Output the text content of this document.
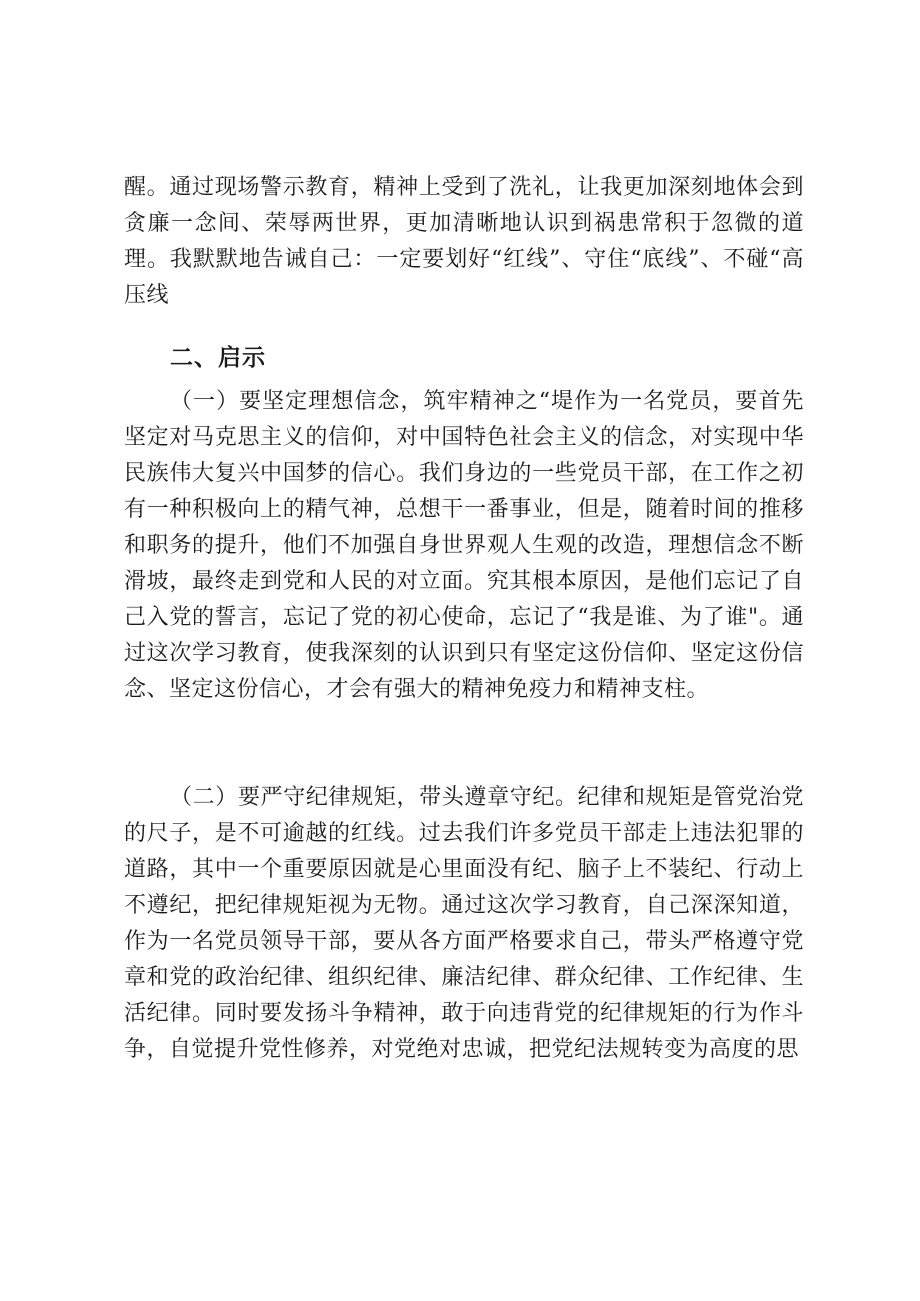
醒。通过现场警示教育，精神上受到了洗礼，让我更加深刻地体会到贪廉一念间、荣辱两世界，更加清晰地认识到祸患常积于忽微的道理。我默默地告诫自己：一定要划好“红线”、守住“底线”、不碰“高压线
二、启示
（一）要坚定理想信念，筑牢精神之“堤作为一名党员，要首先坚定对马克思主义的信仰，对中国特色社会主义的信念，对实现中华民族伟大复兴中国梦的信心。我们身边的一些党员干部，在工作之初有一种积极向上的精气神，总想干一番事业，但是，随着时间的推移和职务的提升，他们不加强自身世界观人生观的改造，理想信念不断滑坡，最终走到党和人民的对立面。究其根本原因，是他们忘记了自己入党的誓言，忘记了党的初心使命，忘记了“我是谁、为了谁"。通过这次学习教育，使我深刻的认识到只有坚定这份信仰、坚定这份信念、坚定这份信心，才会有强大的精神免疫力和精神支柱。
（二）要严守纪律规矩，带头遵章守纪。纪律和规矩是管党治党的尺子，是不可逾越的红线。过去我们许多党员干部走上违法犯罪的道路，其中一个重要原因就是心里面没有纪、脑子上不装纪、行动上不遵纪，把纪律规矩视为无物。通过这次学习教育，自己深深知道，作为一名党员领导干部，要从各方面严格要求自己，带头严格遵守党章和党的政治纪律、组织纪律、廉洁纪律、群众纪律、工作纪律、生活纪律。同时要发扬斗争精神，敢于向违背党的纪律规矩的行为作斗争，自觉提升党性修养，对党绝对忠诚，把党纪法规转变为高度的思
